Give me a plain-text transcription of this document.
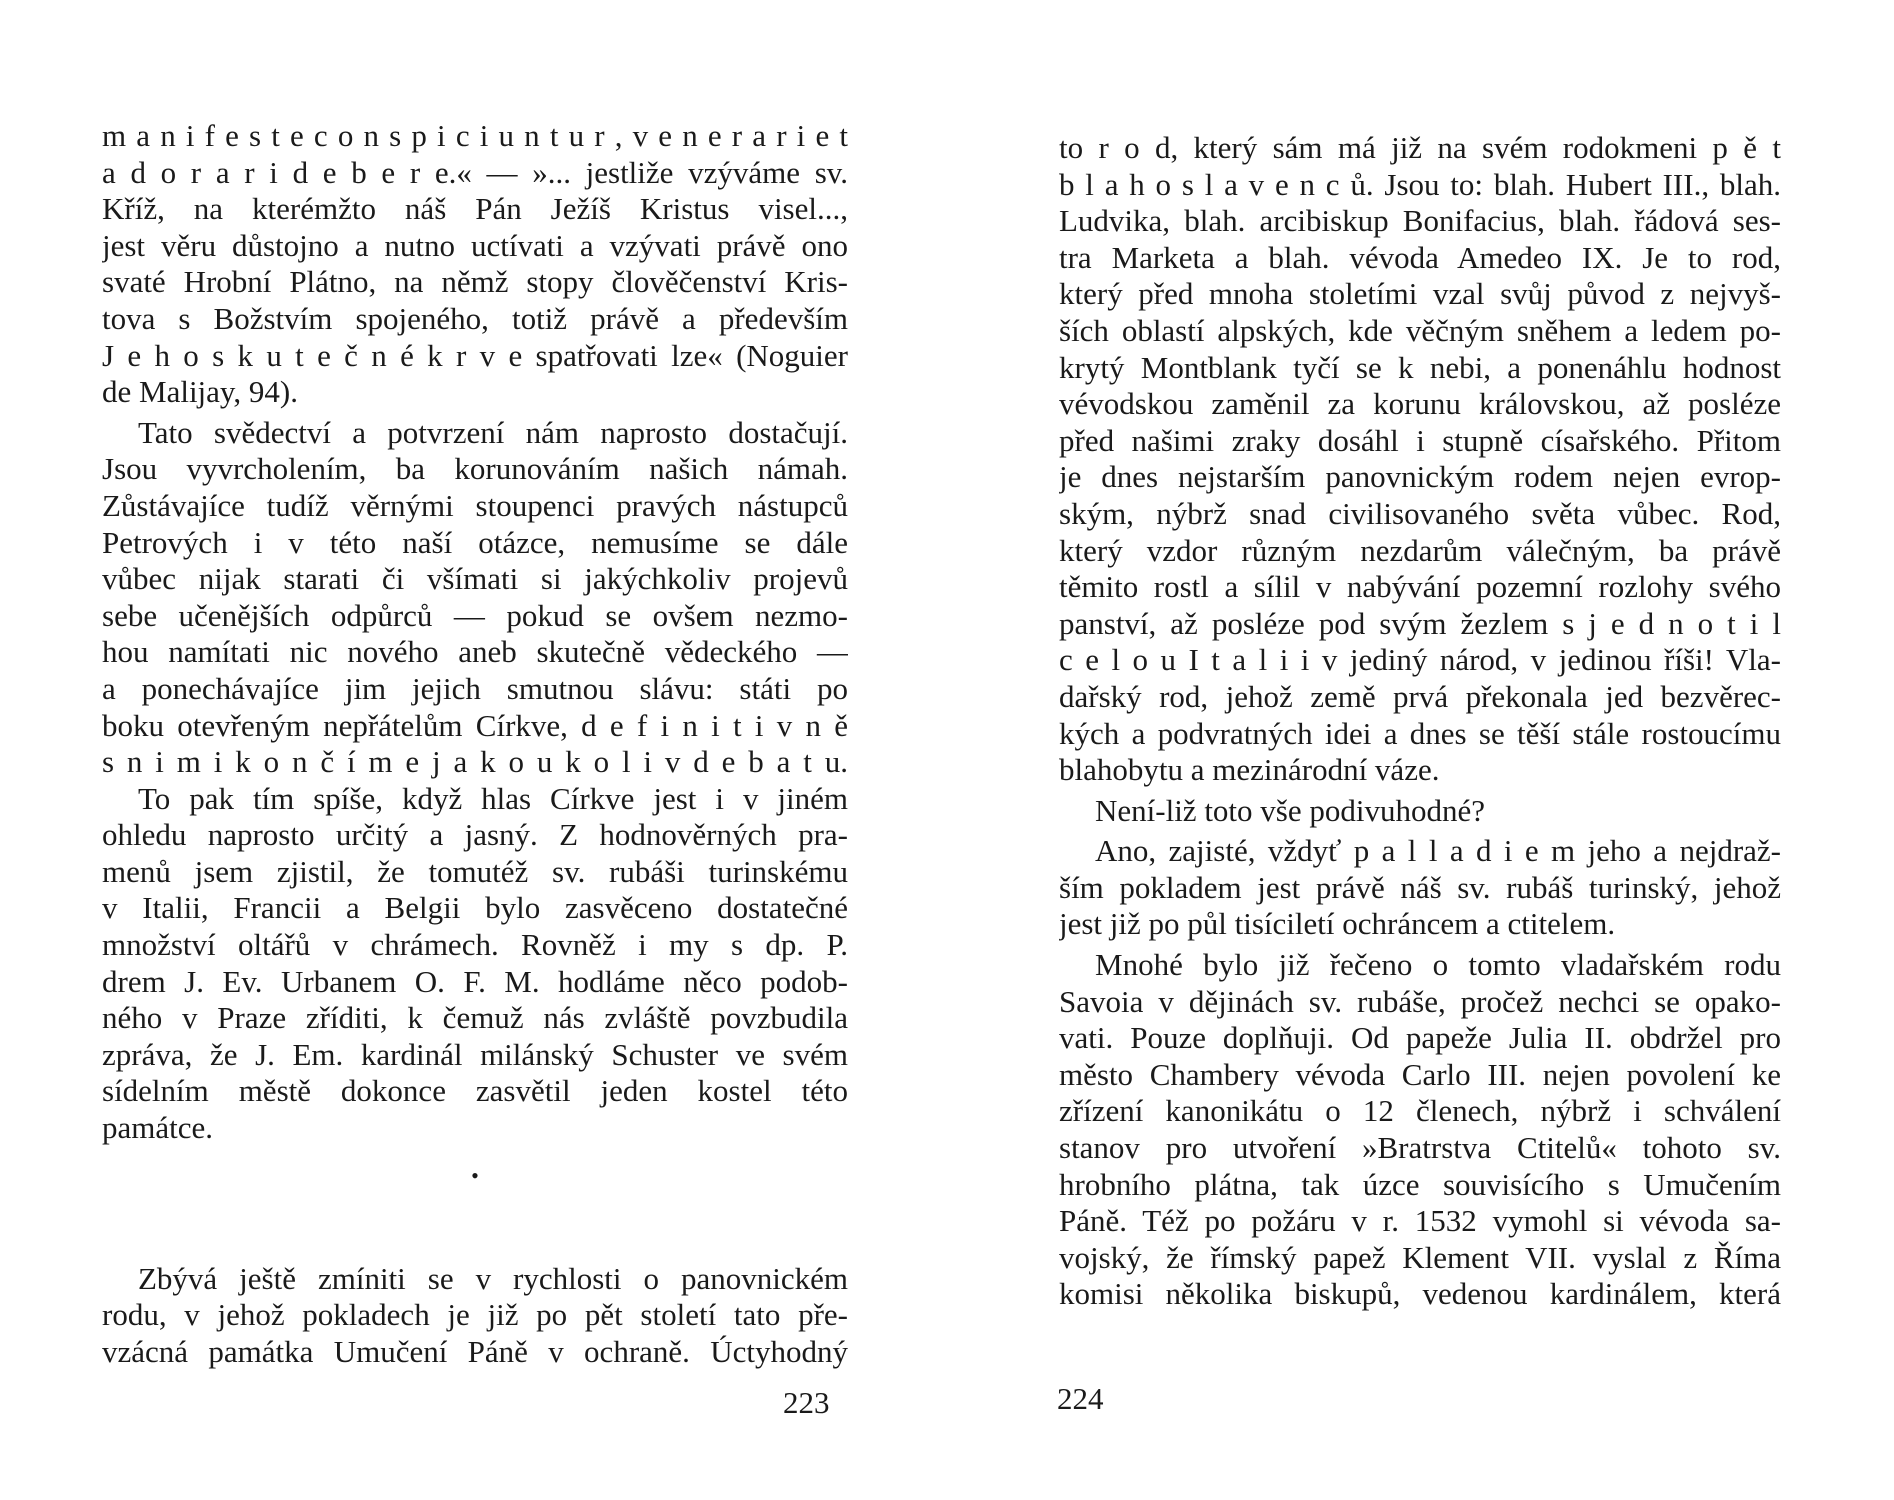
m a n i f e s t e c o n s p i c i u n t u r , v e n e r a r i e t
a d o r a r i d e b e r e.« — »... jestliže vzýváme sv.
Kříž, na kterémžto náš Pán Ježíš Kristus visel...,
jest věru důstojno a nutno uctívati a vzývati právě ono
svaté Hrobní Plátno, na němž stopy člověčenství Kris-
tova s Božstvím spojeného, totiž právě a především
J e h o s k u t e č n é k r v e spatřovati lze« (Noguier
de Malijay, 94).
Tato svědectví a potvrzení nám naprosto dostačují.
Jsou vyvrcholením, ba korunováním našich námah.
Zůstávajíce tudíž věrnými stoupenci pravých nástupců
Petrových i v této naší otázce, nemusíme se dále
vůbec nijak starati či všímati si jakýchkoliv projevů
sebe učenějších odpůrců — pokud se ovšem nezmo-
hou namítati nic nového aneb skutečně vědeckého —
a ponechávajíce jim jejich smutnou slávu: státi po
boku otevřeným nepřátelům Církve, d e f i n i t i v n ě
s n i m i k o n č í m e j a k o u k o l i v d e b a t u.
To pak tím spíše, když hlas Církve jest i v jiném
ohledu naprosto určitý a jasný. Z hodnověrných pra-
menů jsem zjistil, že tomutéž sv. rubáši turinskému
v Italii, Francii a Belgii bylo zasvěceno dostatečné
množství oltářů v chrámech. Rovněž i my s dp. P.
drem J. Ev. Urbanem O. F. M. hodláme něco podob-
ného v Praze zříditi, k čemuž nás zvláště povzbudila
zpráva, že J. Em. kardinál milánský Schuster ve svém
sídelním městě dokonce zasvětil jeden kostel této
památce.
•
Zbývá ještě zmíniti se v rychlosti o panovnickém
rodu, v jehož pokladech je již po pět století tato pře-
vzácná památka Umučení Páně v ochraně. Úctyhodný
223
to r o d, který sám má již na svém rodokmeni p ě t
b l a h o s l a v e n c ů. Jsou to: blah. Hubert III., blah.
Ludvika, blah. arcibiskup Bonifacius, blah. řádová ses-
tra Marketa a blah. vévoda Amedeo IX. Je to rod,
který před mnoha stoletími vzal svůj původ z nejvyš-
ších oblastí alpských, kde věčným sněhem a ledem po-
krytý Montblank tyčí se k nebi, a ponenáhlu hodnost
vévodskou zaměnil za korunu královskou, až posléze
před našimi zraky dosáhl i stupně císařského. Přitom
je dnes nejstarším panovnickým rodem nejen evrop-
ským, nýbrž snad civilisovaného světa vůbec. Rod,
který vzdor různým nezdarům válečným, ba právě
těmito rostl a sílil v nabývání pozemní rozlohy svého
panství, až posléze pod svým žezlem s j e d n o t i l
c e l o u I t a l i i v jediný národ, v jedinou říši! Vla-
dařský rod, jehož země prvá překonala jed bezvěrec-
kých a podvratných idei a dnes se těší stále rostoucímu
blahobytu a mezinárodní váze.
Není-liž toto vše podivuhodné?
Ano, zajisté, vždyť p a l l a d i e m jeho a nejdraž-
ším pokladem jest právě náš sv. rubáš turinský, jehož
jest již po půl tisíciletí ochráncem a ctitelem.
Mnohé bylo již řečeno o tomto vladařském rodu
Savoia v dějinách sv. rubáše, pročež nechci se opako-
vati. Pouze doplňuji. Od papeže Julia II. obdržel pro
město Chambery vévoda Carlo III. nejen povolení ke
zřízení kanonikátu o 12 členech, nýbrž i schválení
stanov pro utvoření »Bratrstva Ctitelů« tohoto sv.
hrobního plátna, tak úzce souvisícího s Umučením
Páně. Též po požáru v r. 1532 vymohl si vévoda sa-
vojský, že římský papež Klement VII. vyslal z Říma
komisi několika biskupů, vedenou kardinálem, která
224
